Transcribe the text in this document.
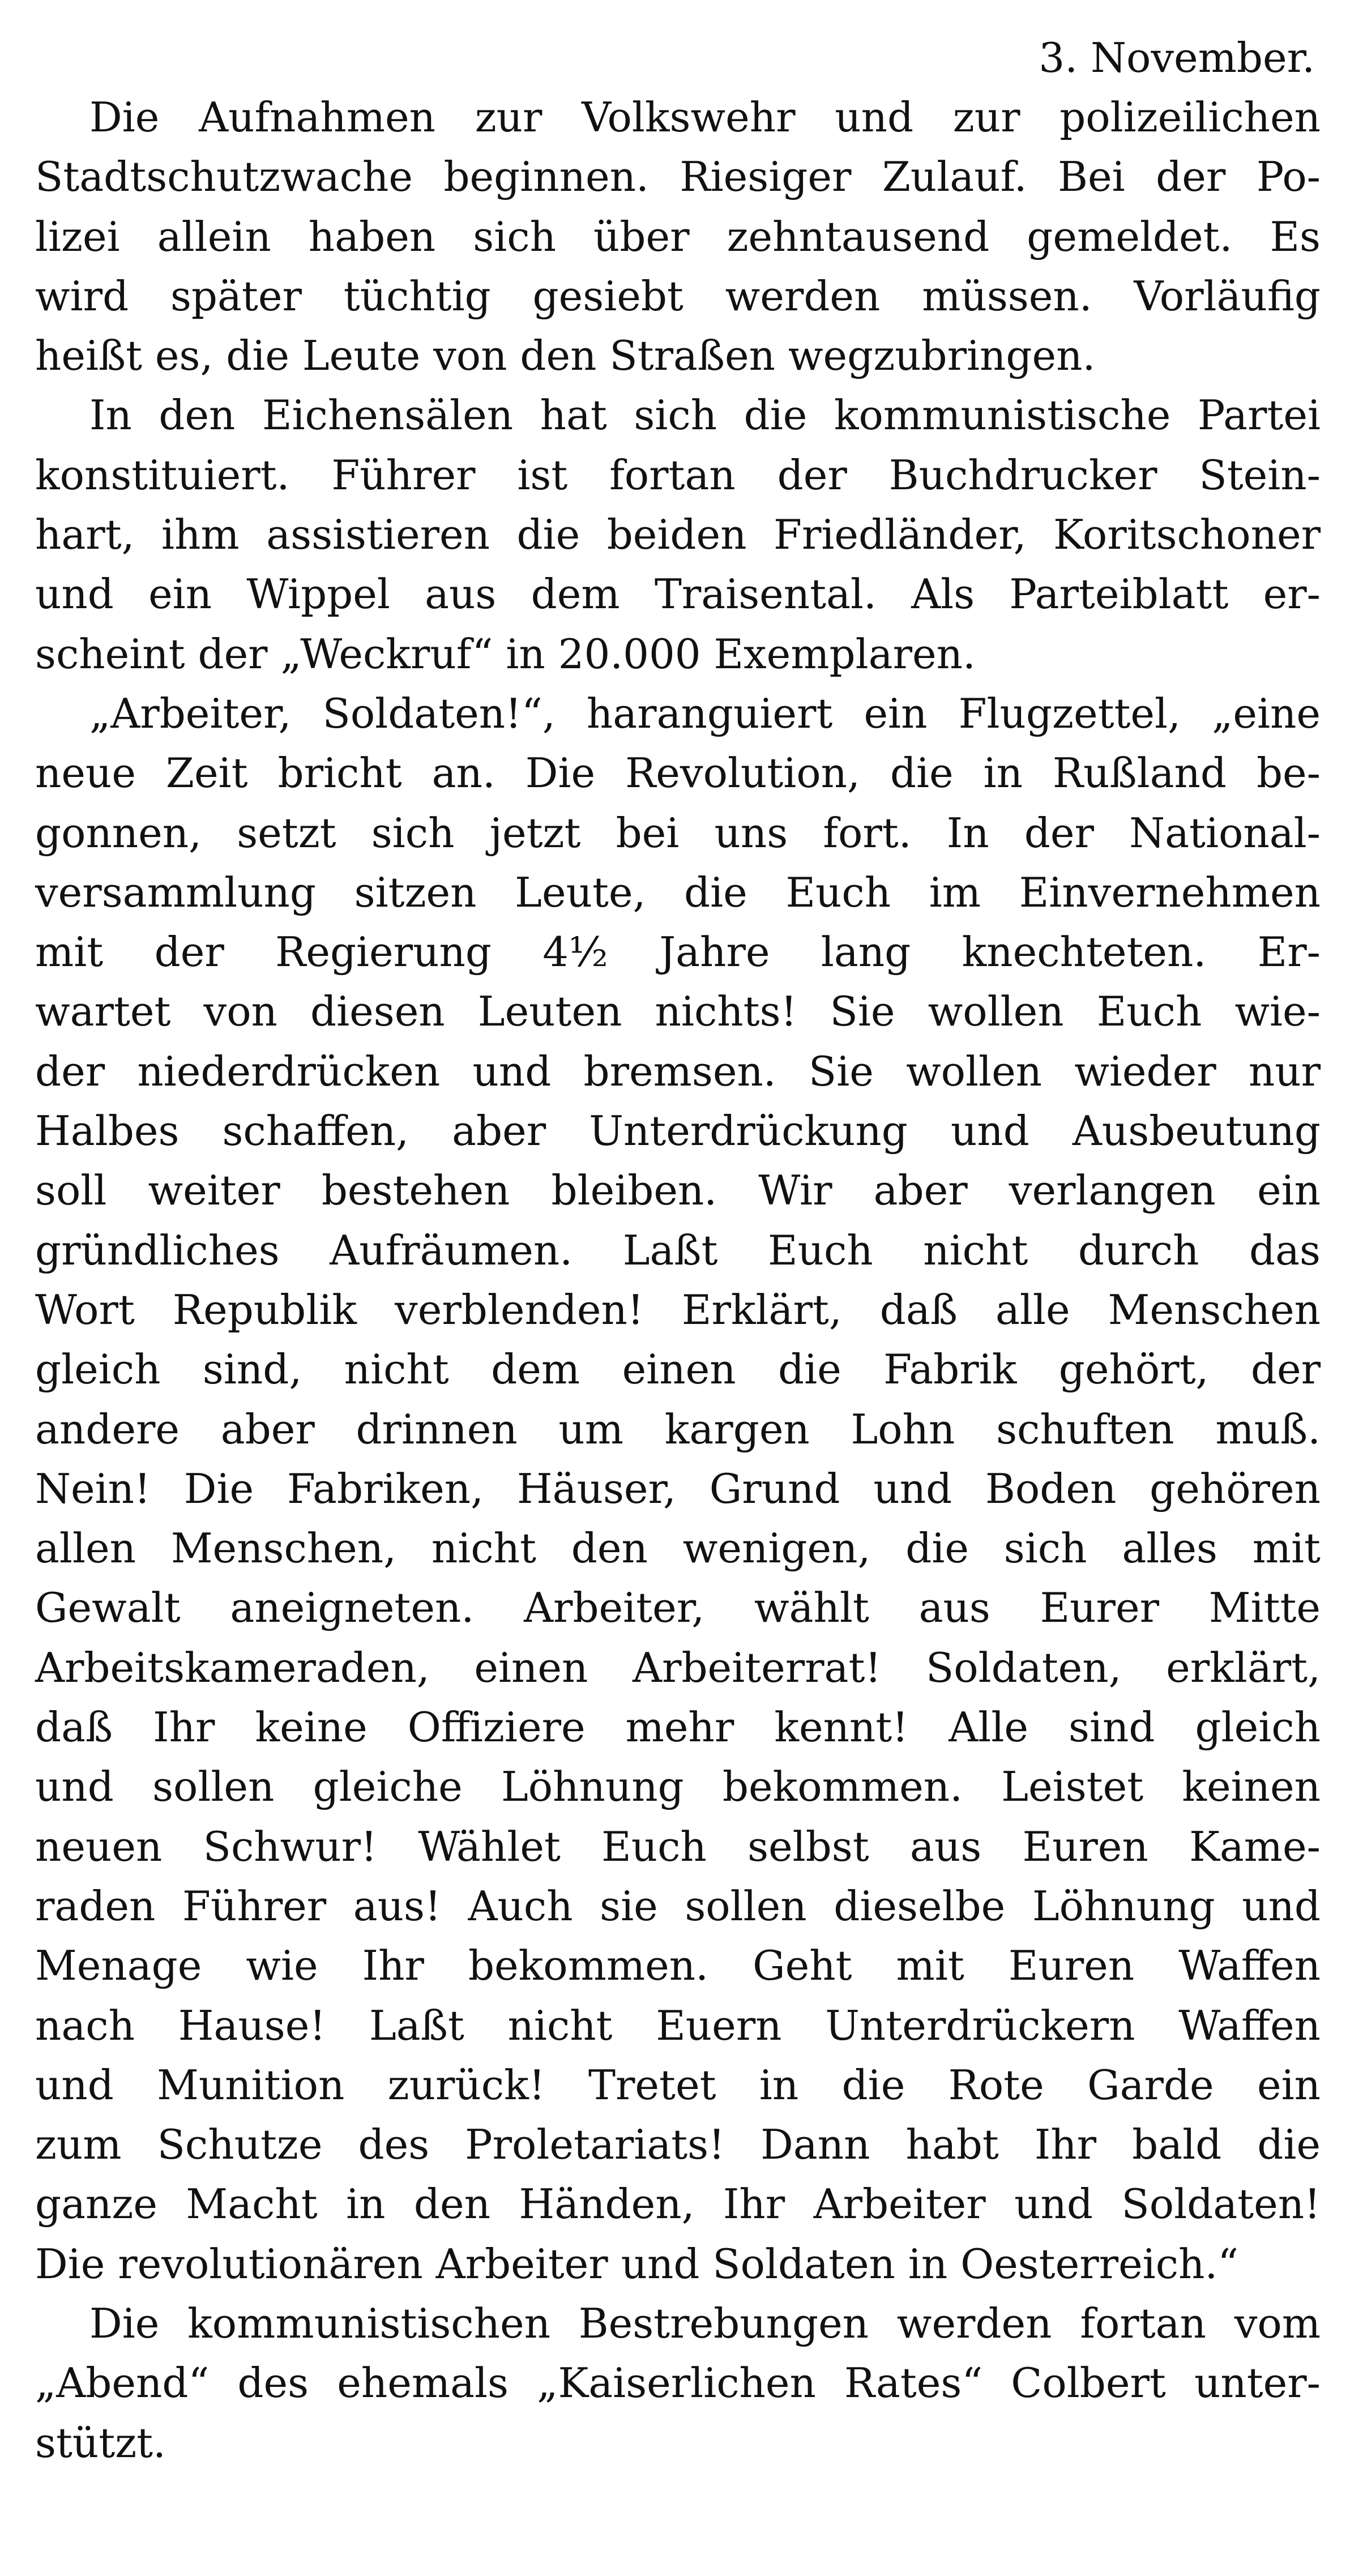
3. November.

Die Aufnahmen zur Volkswehr und zur polizeilichen
Stadtschutzwache beginnen. Riesiger Zulauf. Bei der Po-
lizei allein haben sich über zehntausend gemeldet. Es
wird später tüchtig gesiebt werden müssen. Vorläufig
heißt es, die Leute von den Straßen wegzubringen.
In den Eichensälen hat sich die kommunistische Partei
konstituiert. Führer ist fortan der Buchdrucker Stein-
hart, ihm assistieren die beiden Friedländer, Koritschoner
und ein Wippel aus dem Traisental. Als Parteiblatt er-
scheint der „Weckruf“ in 20.000 Exemplaren.
„Arbeiter, Soldaten!“, haranguiert ein Flugzettel, „eine
neue Zeit bricht an. Die Revolution, die in Rußland be-
gonnen, setzt sich jetzt bei uns fort. In der National-
versammlung sitzen Leute, die Euch im Einvernehmen
mit der Regierung 4½ Jahre lang knechteten. Er-
wartet von diesen Leuten nichts! Sie wollen Euch wie-
der niederdrücken und bremsen. Sie wollen wieder nur
Halbes schaffen, aber Unterdrückung und Ausbeutung
soll weiter bestehen bleiben. Wir aber verlangen ein
gründliches Aufräumen. Laßt Euch nicht durch das
Wort Republik verblenden! Erklärt, daß alle Menschen
gleich sind, nicht dem einen die Fabrik gehört, der
andere aber drinnen um kargen Lohn schuften muß.
Nein! Die Fabriken, Häuser, Grund und Boden gehören
allen Menschen, nicht den wenigen, die sich alles mit
Gewalt aneigneten. Arbeiter, wählt aus Eurer Mitte
Arbeitskameraden, einen Arbeiterrat! Soldaten, erklärt,
daß Ihr keine Offiziere mehr kennt! Alle sind gleich
und sollen gleiche Löhnung bekommen. Leistet keinen
neuen Schwur! Wählet Euch selbst aus Euren Kame-
raden Führer aus! Auch sie sollen dieselbe Löhnung und
Menage wie Ihr bekommen. Geht mit Euren Waffen
nach Hause! Laßt nicht Euern Unterdrückern Waffen
und Munition zurück! Tretet in die Rote Garde ein
zum Schutze des Proletariats! Dann habt Ihr bald die
ganze Macht in den Händen, Ihr Arbeiter und Soldaten!
Die revolutionären Arbeiter und Soldaten in Oesterreich.“
Die kommunistischen Bestrebungen werden fortan vom
„Abend“ des ehemals „Kaiserlichen Rates“ Colbert unter-
stützt.
